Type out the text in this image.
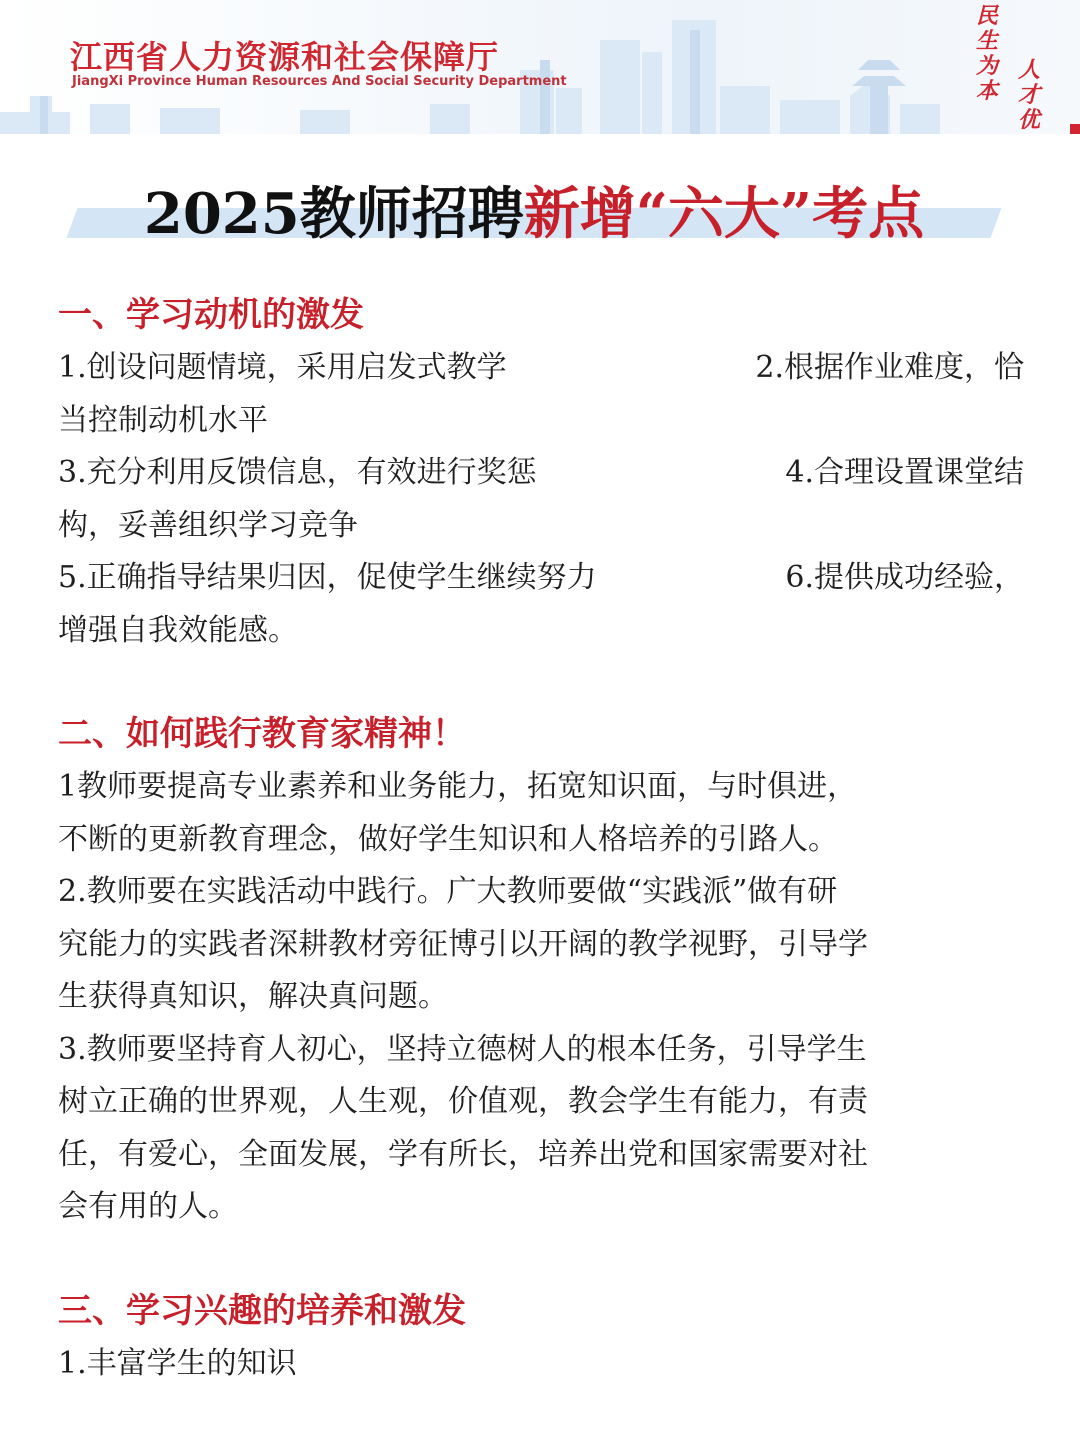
江西省人力资源和社会保障厅
JiangXi Province Human Resources And Social Security Department
民生为本
人才优
2025教师招聘新增“六大”考点
一、学习动机的激发
1.创设问题情境，采用启发式教学	2.根据作业难度，恰
当控制动机水平
3.充分利用反馈信息，有效进行奖惩	4.合理设置课堂结
构，妥善组织学习竞争
5.正确指导结果归因，促使学生继续努力	6.提供成功经验，
增强自我效能感。
二、如何践行教育家精神！
1教师要提高专业素养和业务能力，拓宽知识面，与时俱进，
不断的更新教育理念，做好学生知识和人格培养的引路人。
2.教师要在实践活动中践行。广大教师要做“实践派”做有研
究能力的实践者深耕教材旁征博引以开阔的教学视野，引导学
生获得真知识，解决真问题。
3.教师要坚持育人初心，坚持立德树人的根本任务，引导学生
树立正确的世界观，人生观，价值观，教会学生有能力，有责
任，有爱心，全面发展，学有所长，培养出党和国家需要对社
会有用的人。
三、学习兴趣的培养和激发
1.丰富学生的知识
